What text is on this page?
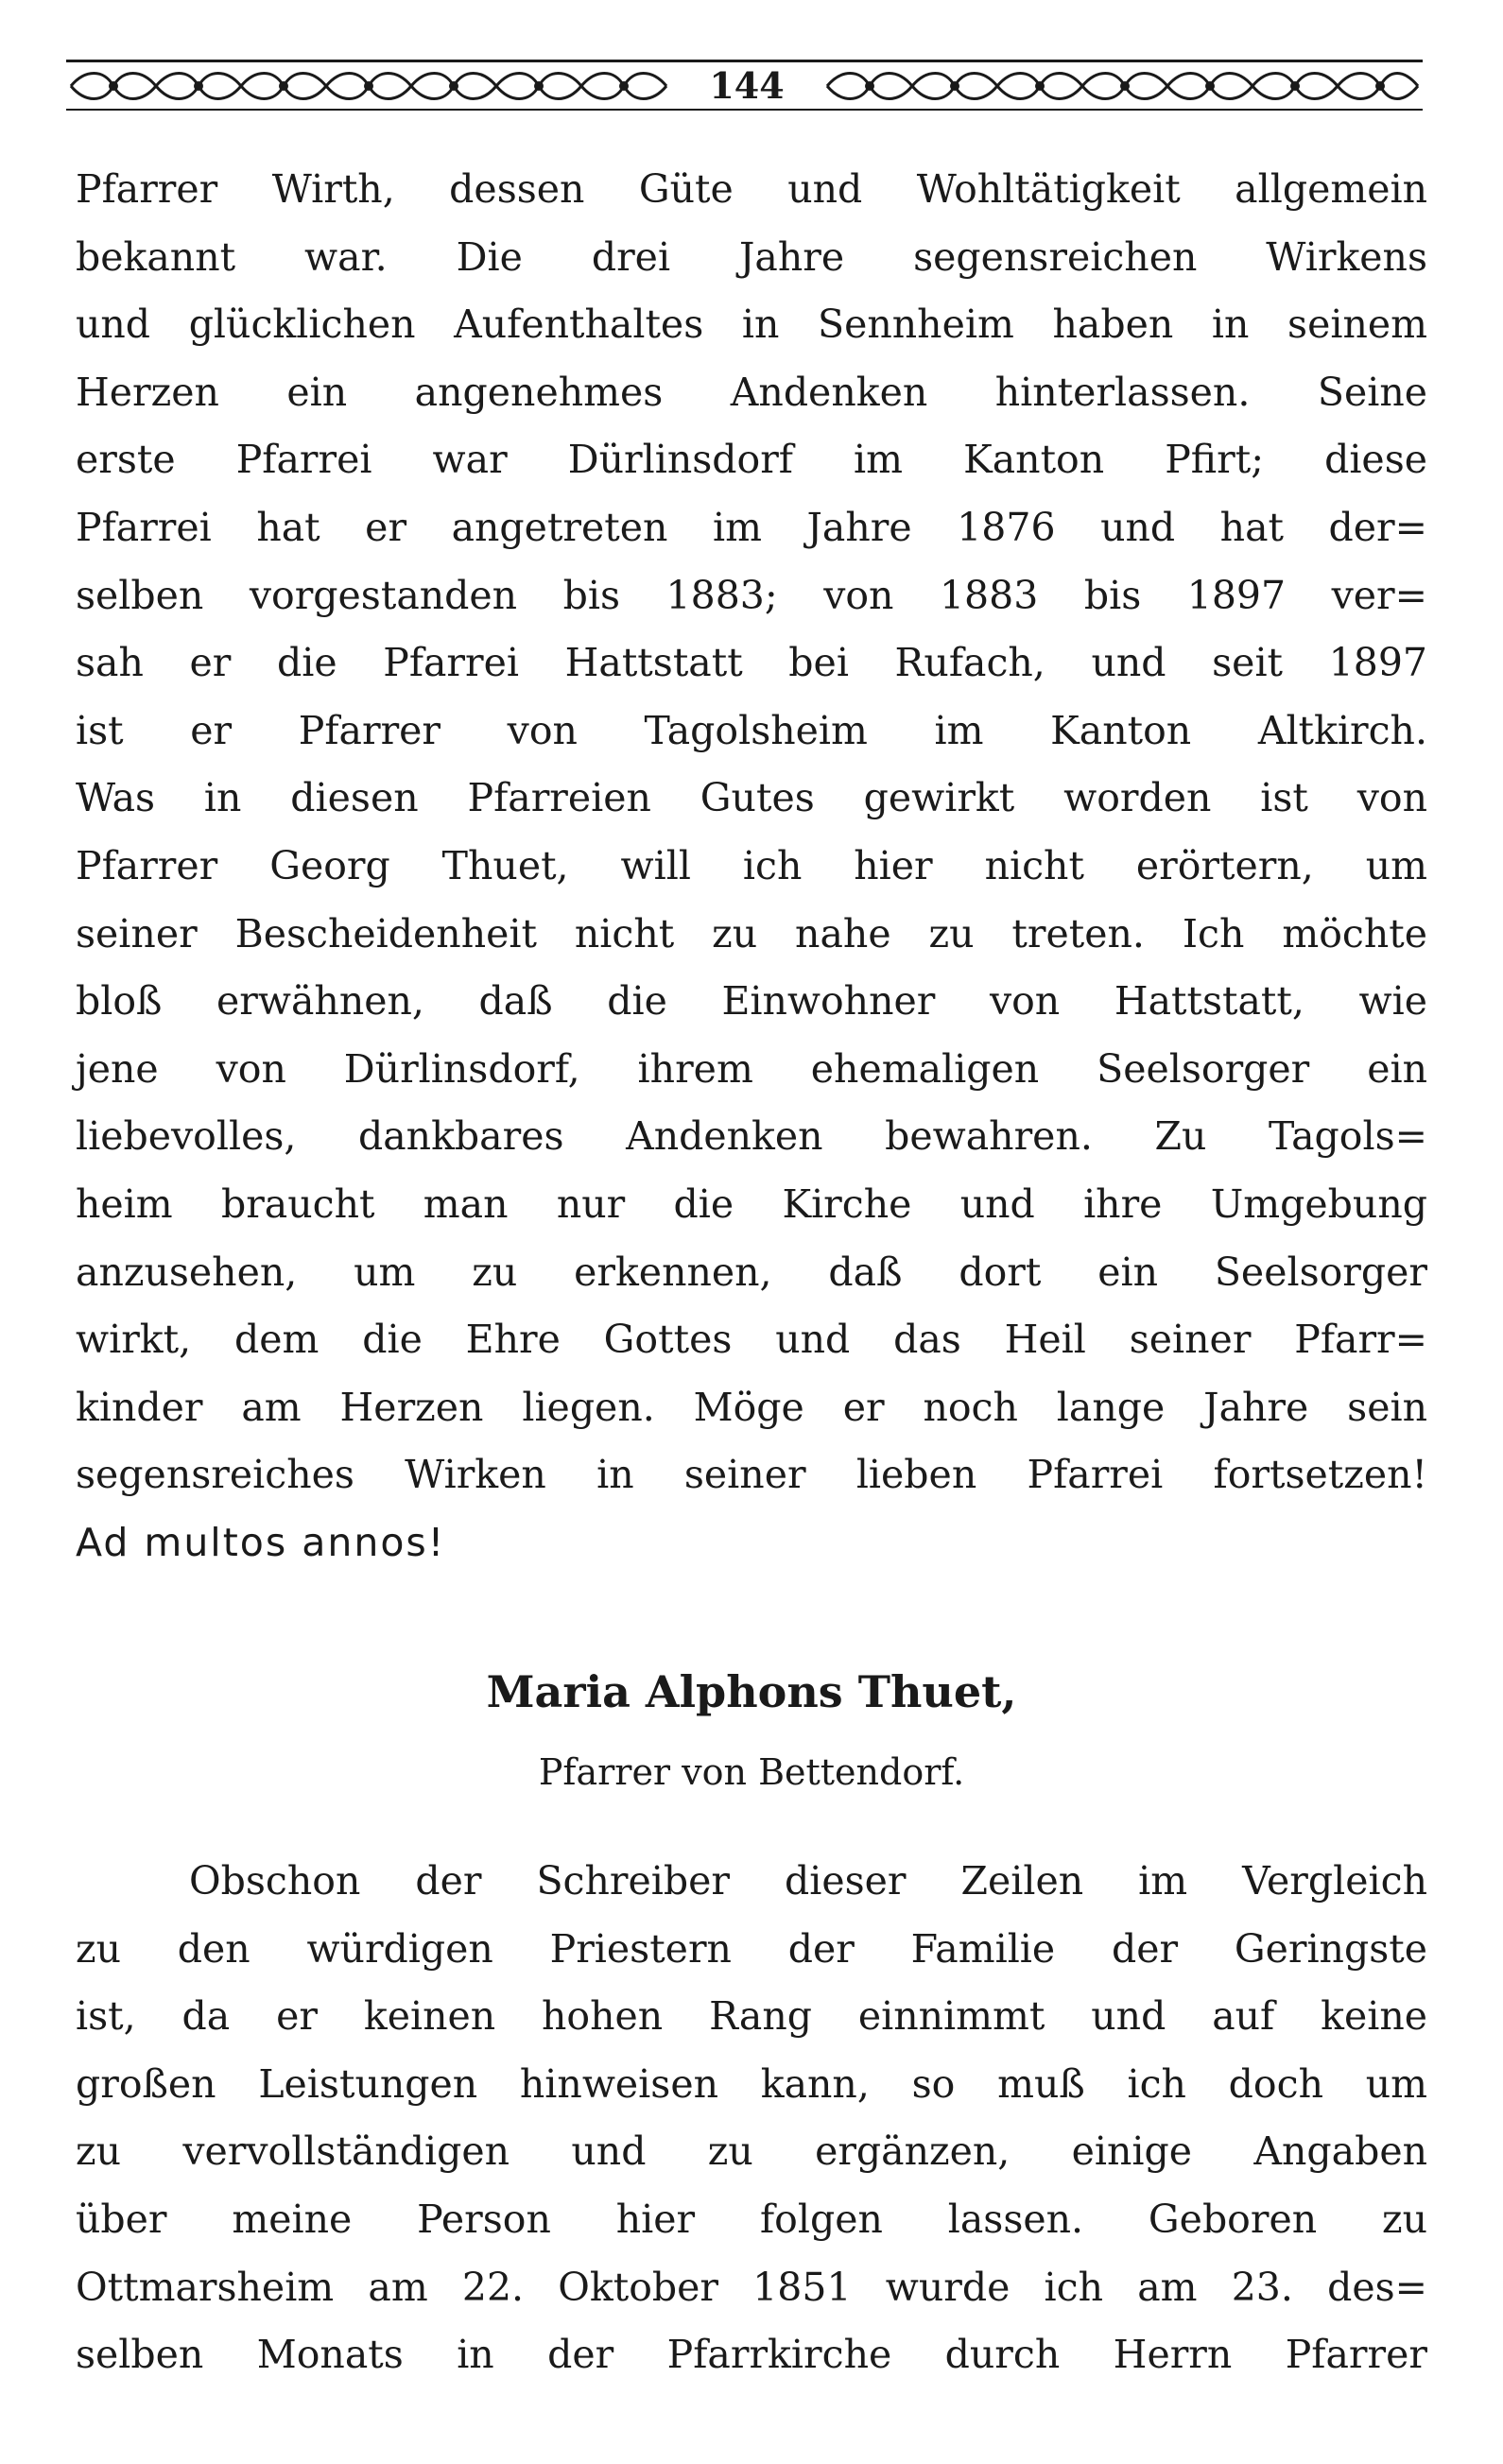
144
Pfarrer Wirth, dessen Güte und Wohltätigkeit allgemein
bekannt war. Die drei Jahre segensreichen Wirkens
und glücklichen Aufenthaltes in Sennheim haben in seinem
Herzen ein angenehmes Andenken hinterlassen. Seine
erste Pfarrei war Dürlinsdorf im Kanton Pfirt; diese
Pfarrei hat er angetreten im Jahre 1876 und hat der=
selben vorgestanden bis 1883; von 1883 bis 1897 ver=
sah er die Pfarrei Hattstatt bei Rufach, und seit 1897
ist er Pfarrer von Tagolsheim im Kanton Altkirch.
Was in diesen Pfarreien Gutes gewirkt worden ist von
Pfarrer Georg Thuet, will ich hier nicht erörtern, um
seiner Bescheidenheit nicht zu nahe zu treten. Ich möchte
bloß erwähnen, daß die Einwohner von Hattstatt, wie
jene von Dürlinsdorf, ihrem ehemaligen Seelsorger ein
liebevolles, dankbares Andenken bewahren. Zu Tagols=
heim braucht man nur die Kirche und ihre Umgebung
anzusehen, um zu erkennen, daß dort ein Seelsorger
wirkt, dem die Ehre Gottes und das Heil seiner Pfarr=
kinder am Herzen liegen. Möge er noch lange Jahre sein
segensreiches Wirken in seiner lieben Pfarrei fortsetzen!
Ad multos annos!
Maria Alphons Thuet,
Pfarrer von Bettendorf.
Obschon der Schreiber dieser Zeilen im Vergleich
zu den würdigen Priestern der Familie der Geringste
ist, da er keinen hohen Rang einnimmt und auf keine
großen Leistungen hinweisen kann, so muß ich doch um
zu vervollständigen und zu ergänzen, einige Angaben
über meine Person hier folgen lassen. Geboren zu
Ottmarsheim am 22. Oktober 1851 wurde ich am 23. des=
selben Monats in der Pfarrkirche durch Herrn Pfarrer
